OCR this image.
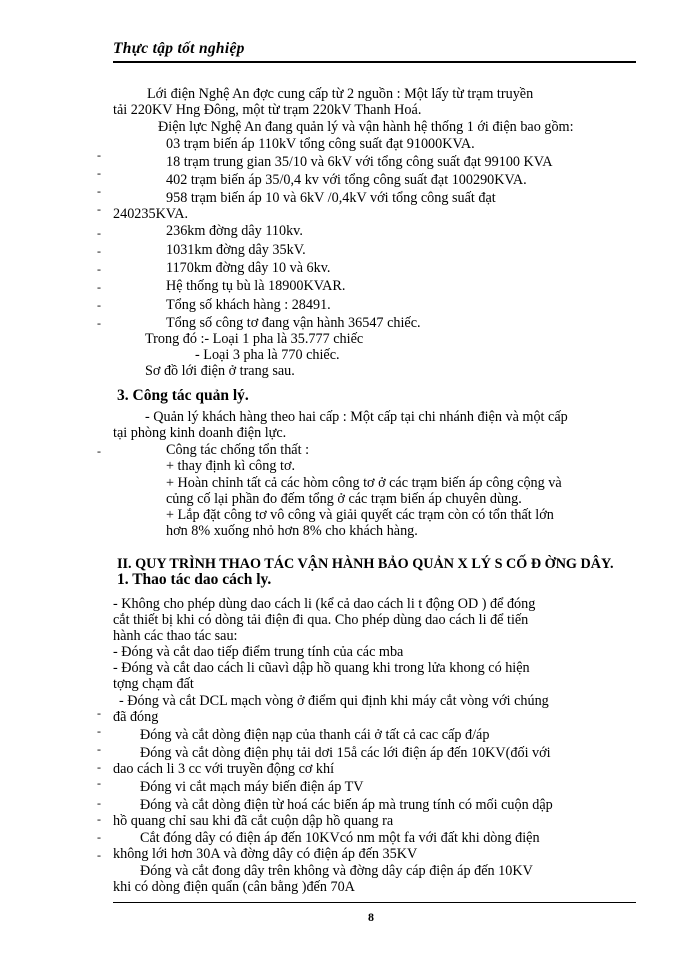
Thực tập tốt nghiệp
Lới điện Nghệ An đợc cung cấp từ 2 nguồn : Một lấy từ trạm truyền
tải 220KV Hng Đông, một từ trạm 220kV Thanh Hoá.
Điện lực Nghệ An đang quản lý và vận hành hệ thống 1 ới điện bao gồm:
03 trạm biến áp 110kV tổng công suất đạt 91000KVA.
18 trạm trung gian 35/10 và 6kV với tổng công suất đạt 99100 KVA
402 trạm biến áp 35/0,4 kv với tổng công suất đạt 100290KVA.
958 trạm biến áp 10 và 6kV /0,4kV với tổng công suất đạt
240235KVA.
236km đờng dây 110kv.
1031km đờng dây 35kV.
1170km đờng dây 10 và 6kv.
Hệ thống tụ bù là 18900KVAR.
Tổng số khách hàng : 28491.
Tổng số công tơ đang vận hành 36547 chiếc.
Trong đó :- Loại 1 pha là 35.777 chiếc
- Loại 3 pha là 770 chiếc.
Sơ đồ lới điện ở trang sau.
3. Công tác quản lý.
- Quản lý khách hàng theo hai cấp : Một cấp tại chi nhánh điện và một cấp
tại phòng kinh doanh điện lực.
Công tác chống tổn thất :
+ thay định kì công tơ.
+ Hoàn chỉnh tất cả các hòm công tơ ở các trạm biến áp công cộng và
củng cố lại phần đo đếm tổng ở các trạm biến áp chuyên dùng.
+ Lắp đặt công tơ vô công và giải quyết các trạm còn có tổn thất lớn
hơn 8% xuống nhỏ hơn 8% cho khách hàng.
II. QUY TRÌNH THAO TÁC VẬN HÀNH BẢO QUẢN X LÝ S CỐ Đ ỜNG DÂY.
1. Thao tác dao cách ly.
- Không cho phép dùng dao cách li (kể cả dao cách li t động OD ) để đóng
cắt thiết bị khi có dòng tải điện đi qua. Cho phép dùng dao cách li để tiến
hành các thao tác sau:
- Đóng và cắt dao tiếp điểm trung tính của các mba
- Đóng và cắt dao cách li cũavì dập hồ quang khi trong lửa khong có hiện
tợng chạm đất
- Đóng và cắt DCL mạch vòng ở điểm qui định khi máy cắt vòng với chúng
đã đóng
Đóng và cắt dòng điện nạp của thanh cái ở tất cả cac cấp đ/áp
Đóng và cắt dòng điện phụ tải dơi 15å các lới điện áp đến 10KV(đối với
dao cách li 3 cc với truyền động cơ khí
Đóng vi cắt mạch máy biến điện áp TV
Đóng và cắt dòng điện từ hoá các biến áp mà trung tính có mối cuộn dập
hồ quang chỉ sau khi đã cắt cuộn dập hồ quang ra
Cắt đóng dây có điện áp đến 10KVcó nm một fa với đất khi dòng điện
không lới hơn 30A và đờng dây có điện áp đến 35KV
Đóng và cắt đong dây trên không và đờng dây cáp điện áp đến 10KV
khi có dòng điện quẩn (cân bằng )đến 70A
-
-
-
-
-
-
-
-
-
-
-
-
-
-
-
-
-
-
-
-
8
